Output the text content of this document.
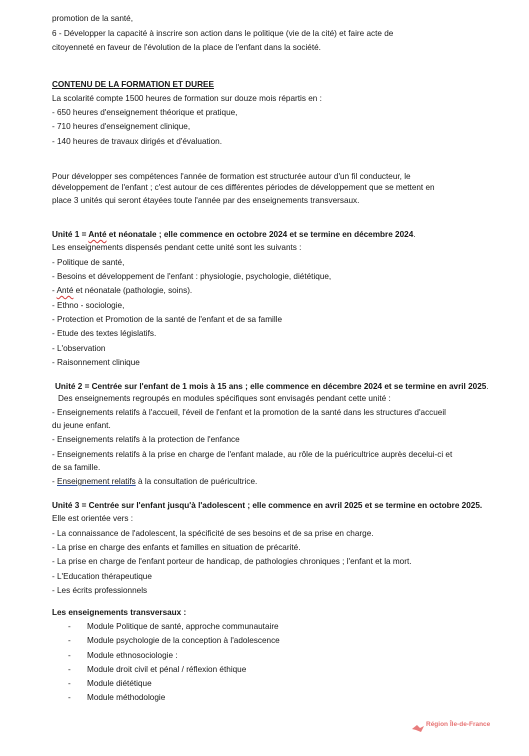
promotion de la santé,
6 - Développer la capacité à inscrire son action dans le politique (vie de la cité) et faire acte de
citoyenneté en faveur de l'évolution de la place de l'enfant dans la société.
CONTENU DE LA FORMATION ET DUREE
La scolarité compte 1500 heures de formation sur douze mois répartis en :
- 650 heures d'enseignement théorique et pratique,
- 710 heures d'enseignement clinique,
- 140 heures de travaux dirigés et d'évaluation.
Pour développer ses compétences l'année de formation est structurée autour d'un fil conducteur, le
développement de l'enfant ; c'est autour de ces différentes périodes de développement que se mettent en
place 3 unités qui seront étayées toute l'année par des enseignements transversaux.
Unité 1 = Anté et néonatale ; elle commence en octobre 2024 et se termine en décembre 2024.
Les enseignements dispensés pendant cette unité sont les suivants :
- Politique de santé,
- Besoins et développement de l'enfant : physiologie, psychologie, diététique,
- Anté et néonatale (pathologie, soins).
- Ethno - sociologie,
- Protection et Promotion de la santé de l'enfant et de sa famille
- Etude des textes législatifs.
- L'observation
- Raisonnement clinique
Unité 2 = Centrée sur l'enfant de 1 mois à 15 ans ; elle commence en décembre 2024 et se termine en avril 2025.
Des enseignements regroupés en modules spécifiques sont envisagés pendant cette unité :
- Enseignements relatifs à l'accueil, l'éveil de l'enfant et la promotion de la santé dans les structures d'accueil
du jeune enfant.
- Enseignements relatifs à la protection de l'enfance
- Enseignements relatifs à la prise en charge de l'enfant malade, au rôle de la puéricultrice auprès decelui-ci et
de sa famille.
- Enseignement relatifs à la consultation de puéricultrice.
Unité 3 = Centrée sur l'enfant jusqu'à l'adolescent ; elle commence en avril 2025 et se termine en octobre 2025.
Elle est orientée vers :
- La connaissance de l'adolescent, la spécificité de ses besoins et de sa prise en charge.
- La prise en charge des enfants et familles en situation de précarité.
- La prise en charge de l'enfant porteur de handicap, de pathologies chroniques ; l'enfant et la mort.
- L'Education thérapeutique
- Les écrits professionnels
Les enseignements transversaux :
- Module Politique de santé, approche communautaire
- Module psychologie de la conception à l'adolescence
- Module ethnosociologie :
- Module droit civil et pénal / réflexion éthique
- Module diététique
- Module méthodologie
Région Île-de-France
